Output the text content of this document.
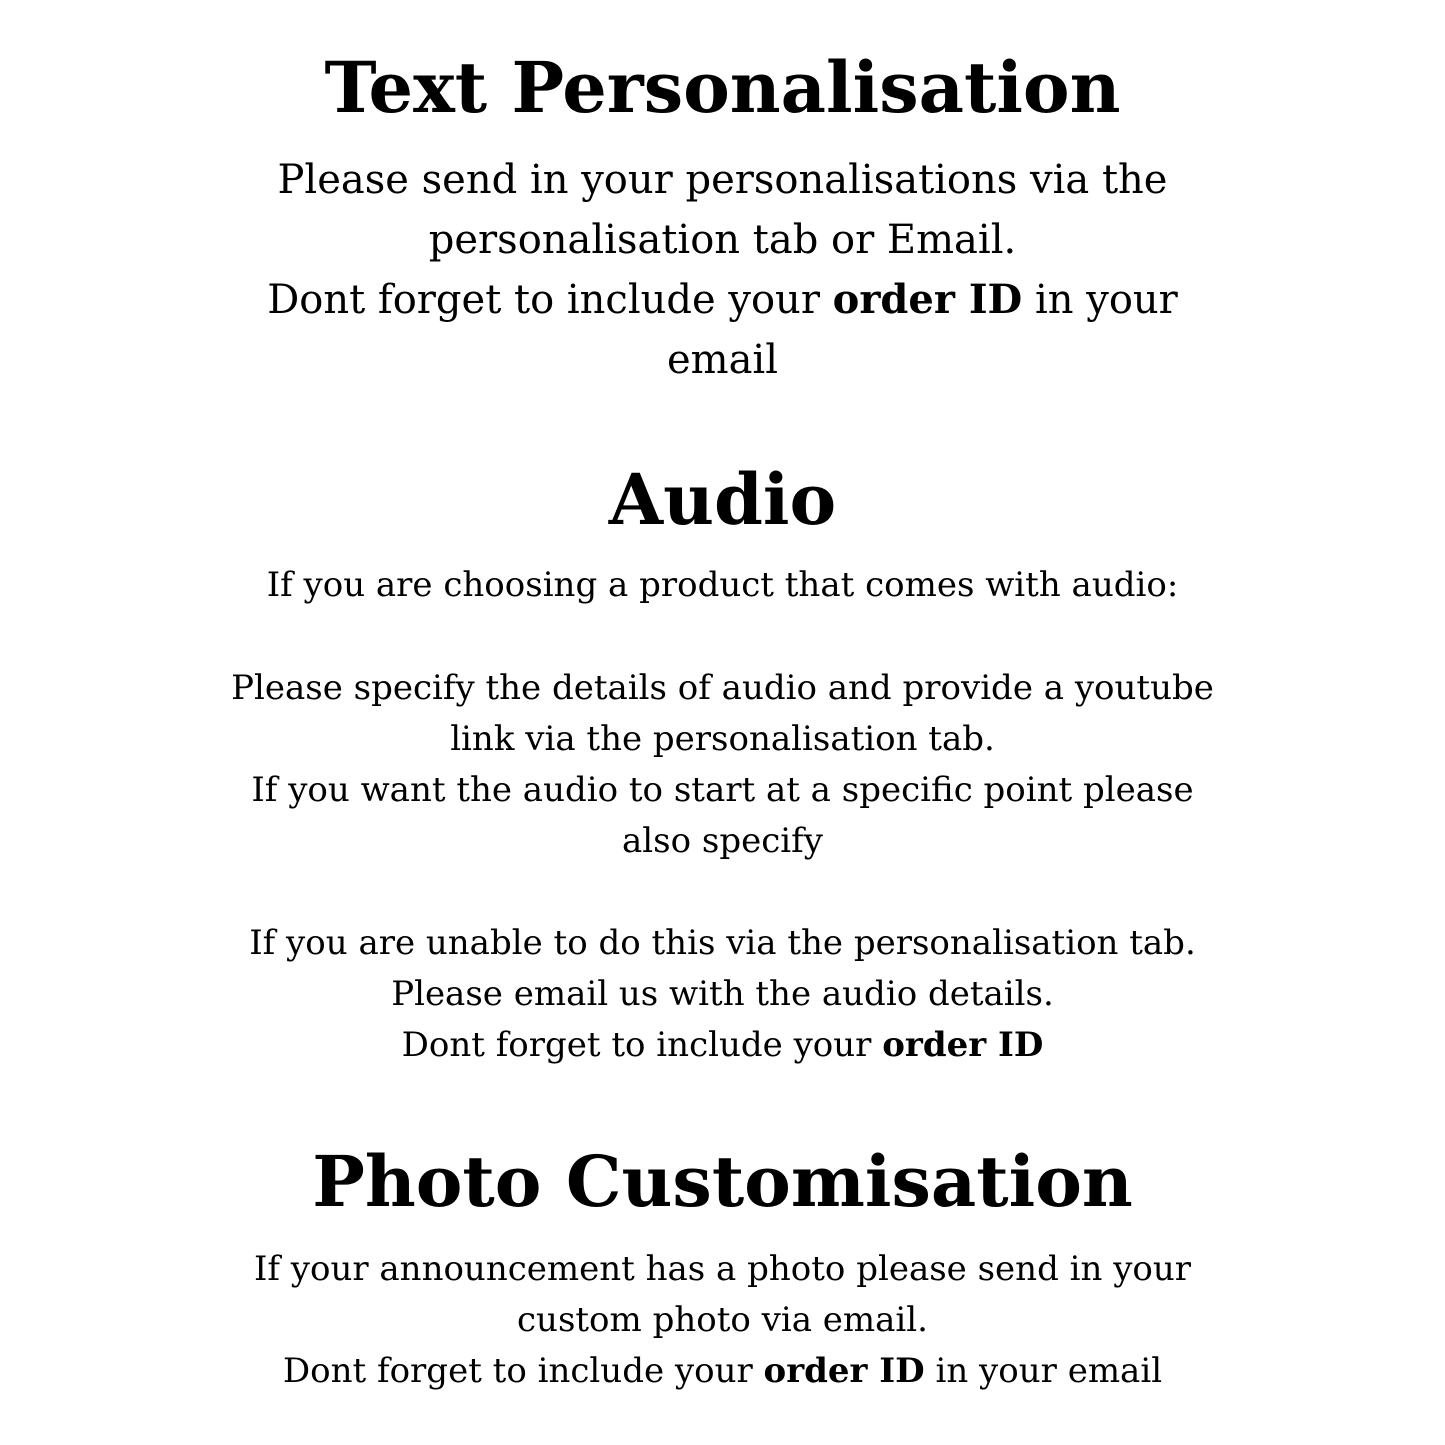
Text Personalisation

Please send in your personalisations via the

personalisation tab or Email.

Dont forget to include your order ID in your

email

Audio

If you are choosing a product that comes with audio:

Please specify the details of audio and provide a youtube

link via the personalisation tab.

If you want the audio to start at a specific point please

also specify

If you are unable to do this via the personalisation tab.

Please email us with the audio details.

Dont forget to include your order ID

Photo Customisation

If your announcement has a photo please send in your

custom photo via email.

Dont forget to include your order ID in your email
